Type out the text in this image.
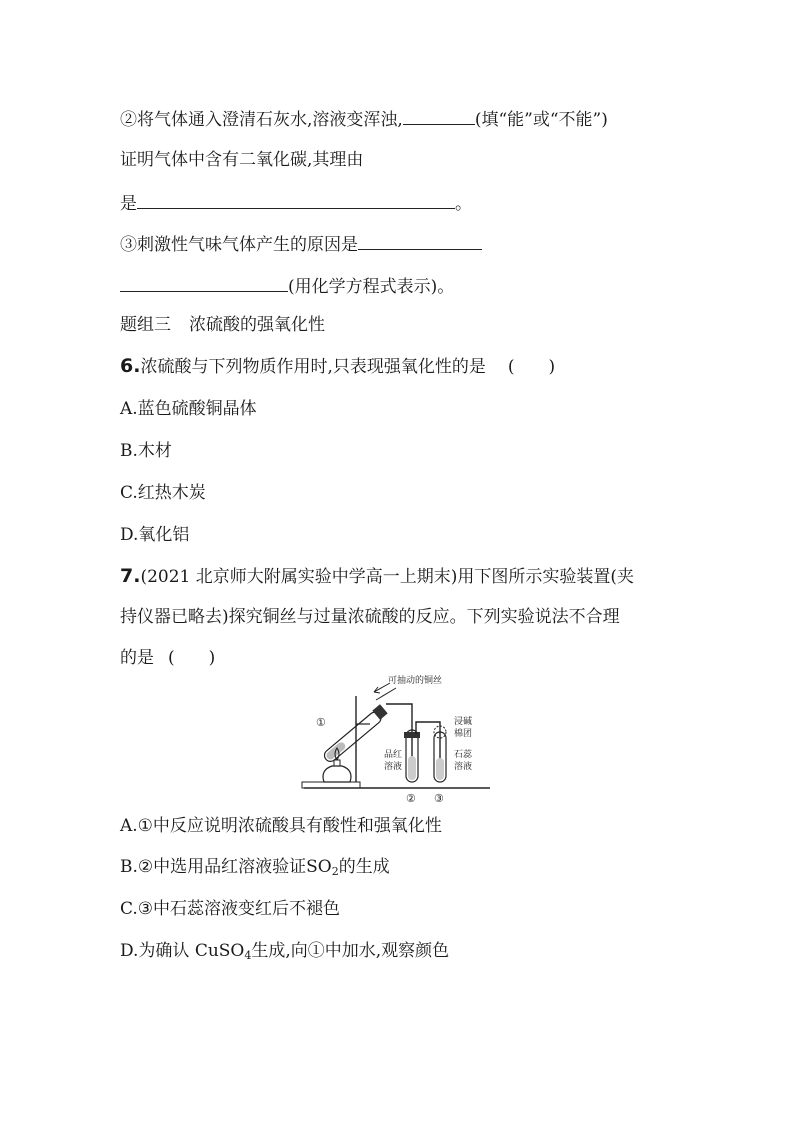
②将气体通入澄清石灰水,溶液变浑浊,	(填“能”或“不能”)
证明气体中含有二氧化碳,其理由
是	。
③刺激性气味气体产生的原因是
(用化学方程式表示)。
题组三 浓硫酸的强氧化性
6.浓硫酸与下列物质作用时,只表现强氧化性的是 (　　)
A.蓝色硫酸铜晶体
B.木材
C.红热木炭
D.氧化铝
7.(2021 北京师大附属实验中学高一上期末)用下图所示实验装置(夹
持仪器已略去)探究铜丝与过量浓硫酸的反应。下列实验说法不合理
的是 (　　)
可抽动的铜丝
①
品红
溶液
浸碱
棉团
石蕊
溶液
② ③
A.①中反应说明浓硫酸具有酸性和强氧化性
B.②中选用品红溶液验证$SO_2$的生成
C.③中石蕊溶液变红后不褪色
D.为确认 CuSO$_4$生成,向①中加水,观察颜色
